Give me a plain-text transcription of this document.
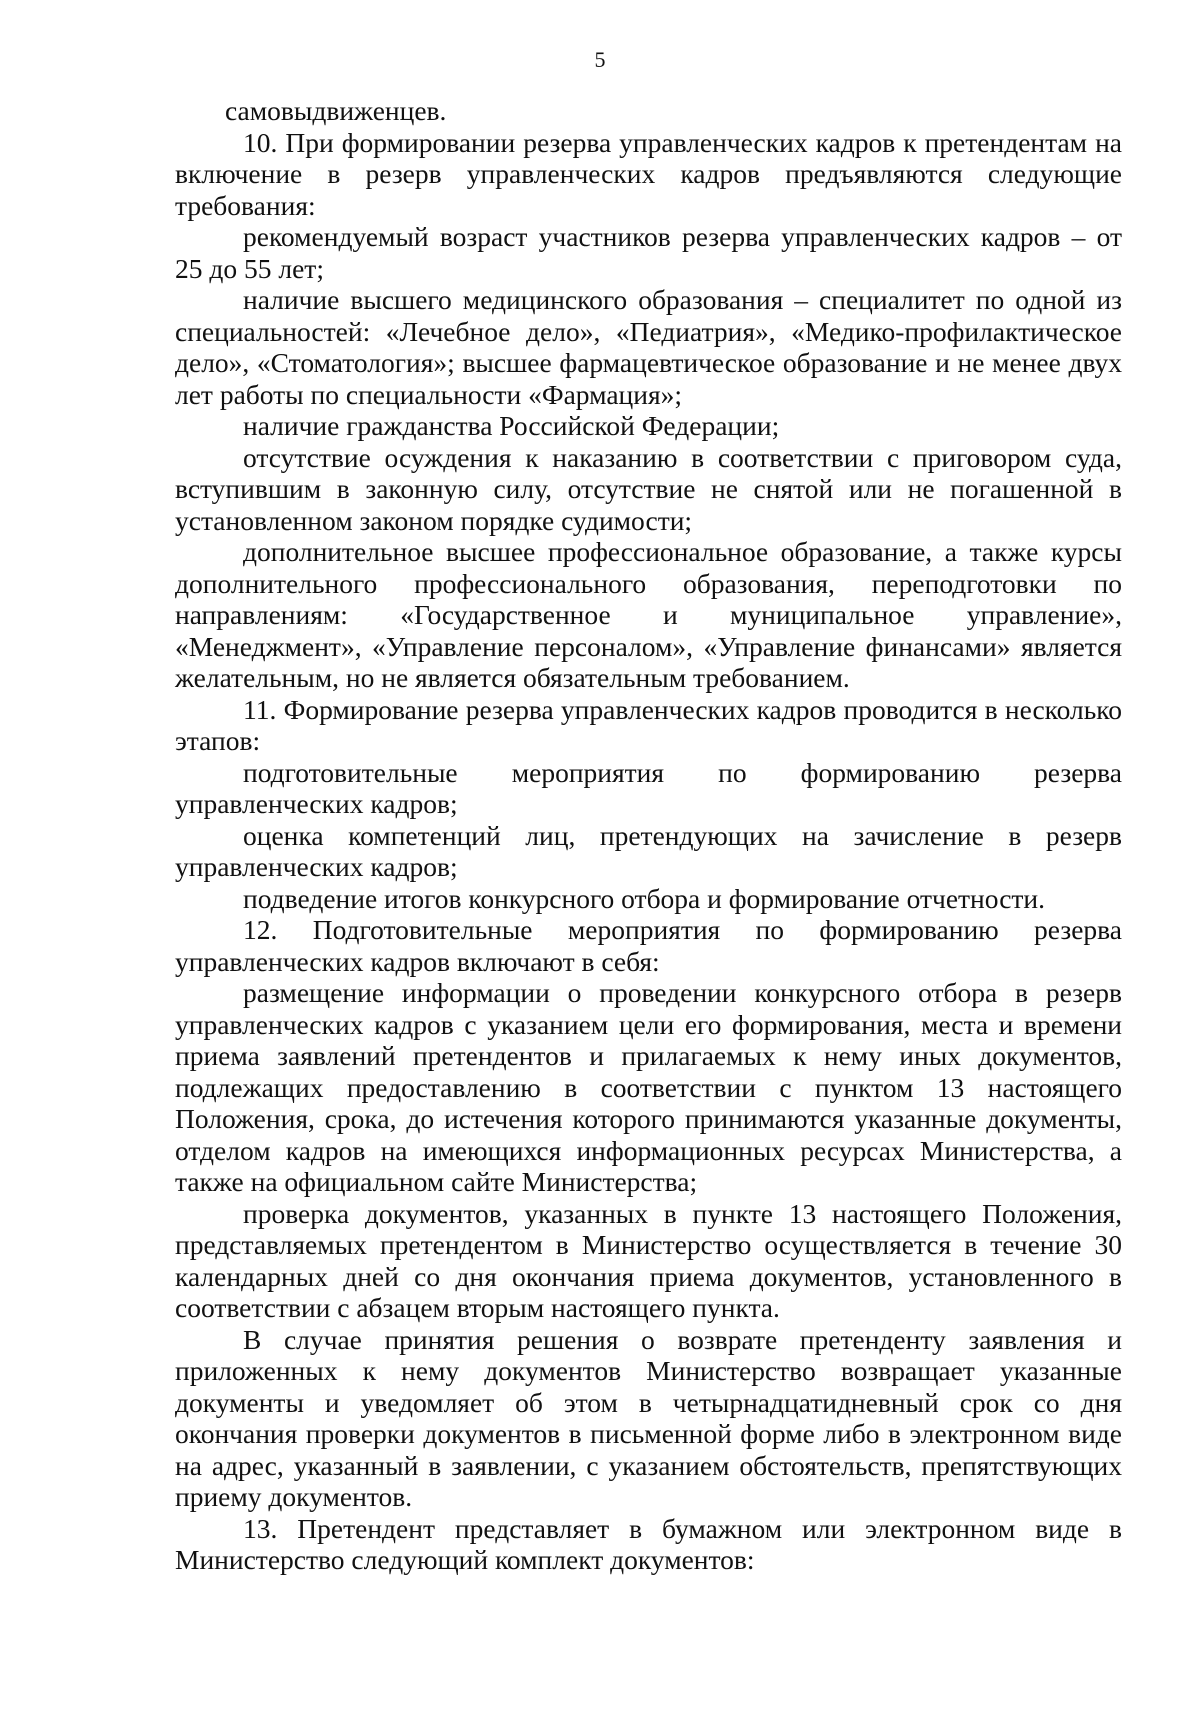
5

самовыдвиженцев.

10. При формировании резерва управленческих кадров к претендентам на включение в резерв управленческих кадров предъявляются следующие требования:

рекомендуемый возраст участников резерва управленческих кадров – от 25 до 55 лет;

наличие высшего медицинского образования – специалитет по одной из специальностей: «Лечебное дело», «Педиатрия», «Медико-профилактическое дело», «Стоматология»; высшее фармацевтическое образование и не менее двух лет работы по специальности «Фармация»;

наличие гражданства Российской Федерации;

отсутствие осуждения к наказанию в соответствии с приговором суда, вступившим в законную силу, отсутствие не снятой или не погашенной в установленном законом порядке судимости;

дополнительное высшее профессиональное образование, а также курсы дополнительного профессионального образования, переподготовки по направлениям: «Государственное и муниципальное управление», «Менеджмент», «Управление персоналом», «Управление финансами» является желательным, но не является обязательным требованием.

11. Формирование резерва управленческих кадров проводится в несколько этапов:

подготовительные мероприятия по формированию резерва управленческих кадров;

оценка компетенций лиц, претендующих на зачисление в резерв управленческих кадров;

подведение итогов конкурсного отбора и формирование отчетности.

12. Подготовительные мероприятия по формированию резерва управленческих кадров включают в себя:

размещение информации о проведении конкурсного отбора в резерв управленческих кадров с указанием цели его формирования, места и времени приема заявлений претендентов и прилагаемых к нему иных документов, подлежащих предоставлению в соответствии с пунктом 13 настоящего Положения, срока, до истечения которого принимаются указанные документы, отделом кадров на имеющихся информационных ресурсах Министерства, а также на официальном сайте Министерства;

проверка документов, указанных в пункте 13 настоящего Положения, представляемых претендентом в Министерство осуществляется в течение 30 календарных дней со дня окончания приема документов, установленного в соответствии с абзацем вторым настоящего пункта.

В случае принятия решения о возврате претенденту заявления и приложенных к нему документов Министерство возвращает указанные документы и уведомляет об этом в четырнадцатидневный срок со дня окончания проверки документов в письменной форме либо в электронном виде на адрес, указанный в заявлении, с указанием обстоятельств, препятствующих приему документов.

13. Претендент представляет в бумажном или электронном виде в Министерство следующий комплект документов:
